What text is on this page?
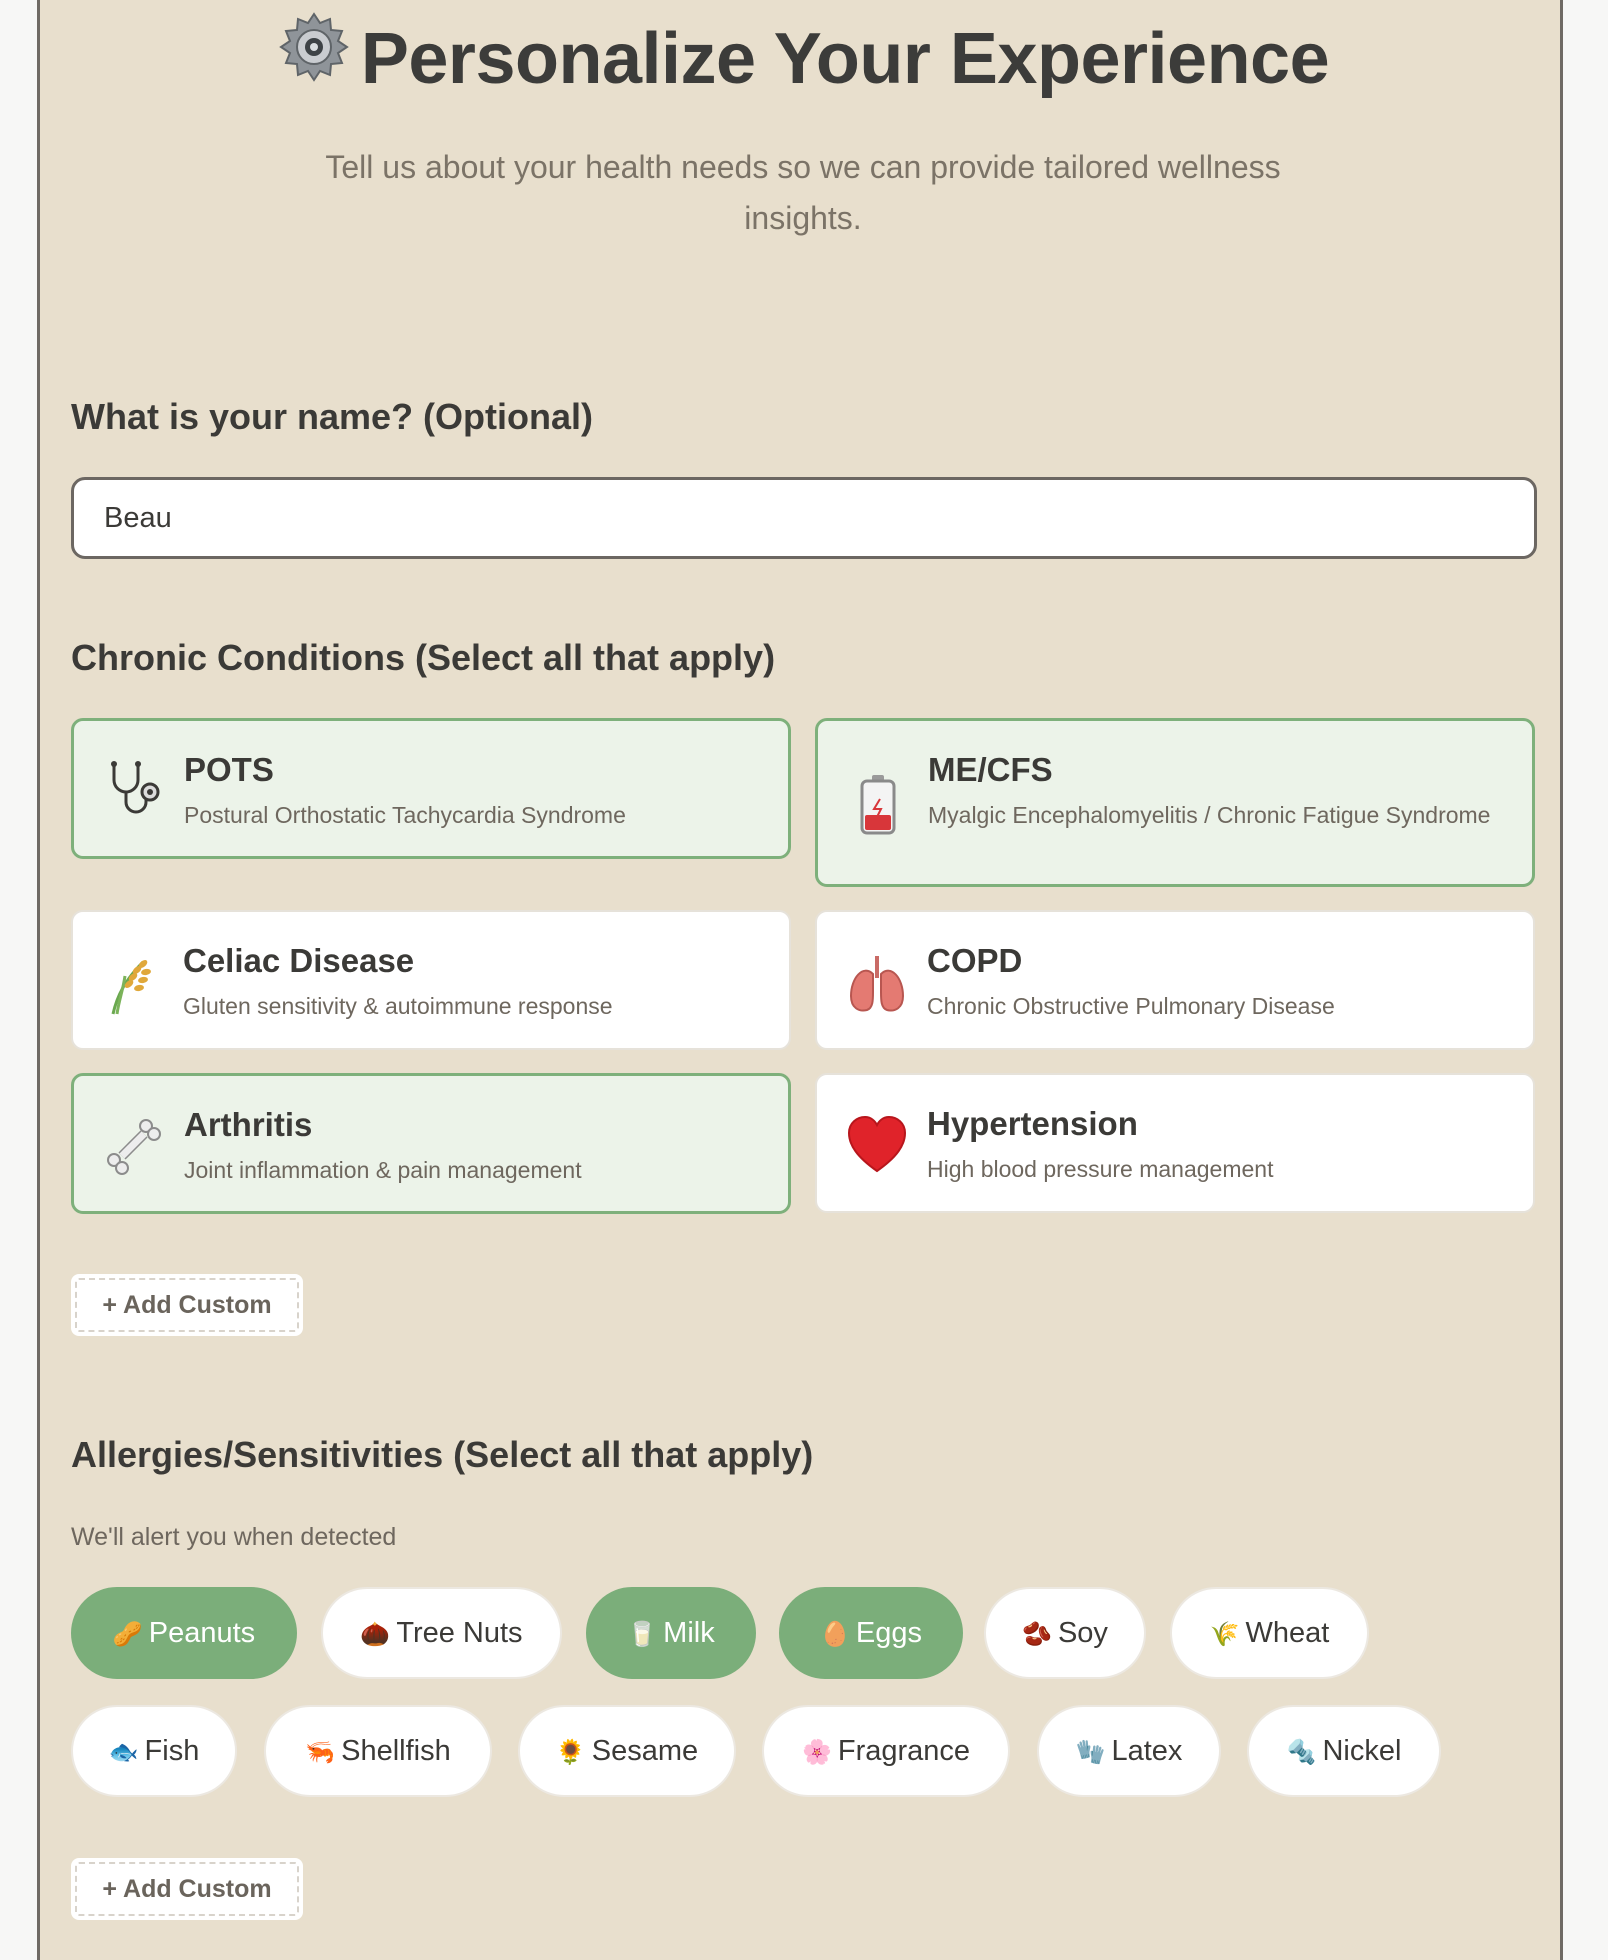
Personalize Your Experience
Tell us about your health needs so we can provide tailored wellness insights.
What is your name? (Optional)
Beau
Chronic Conditions (Select all that apply)
POTS
Postural Orthostatic Tachycardia Syndrome
ME/CFS
Myalgic Encephalomyelitis / Chronic Fatigue Syndrome
Celiac Disease
Gluten sensitivity & autoimmune response
COPD
Chronic Obstructive Pulmonary Disease
Arthritis
Joint inflammation & pain management
Hypertension
High blood pressure management
+ Add Custom
Allergies/Sensitivities (Select all that apply)
We'll alert you when detected
🥜 Peanuts	🌰 Tree Nuts	🥛 Milk	🥚 Eggs	🫘 Soy	🌾 Wheat
🐟 Fish	🦐 Shellfish	🌻 Sesame	🌸 Fragrance	🧤 Latex	🔩 Nickel
+ Add Custom
